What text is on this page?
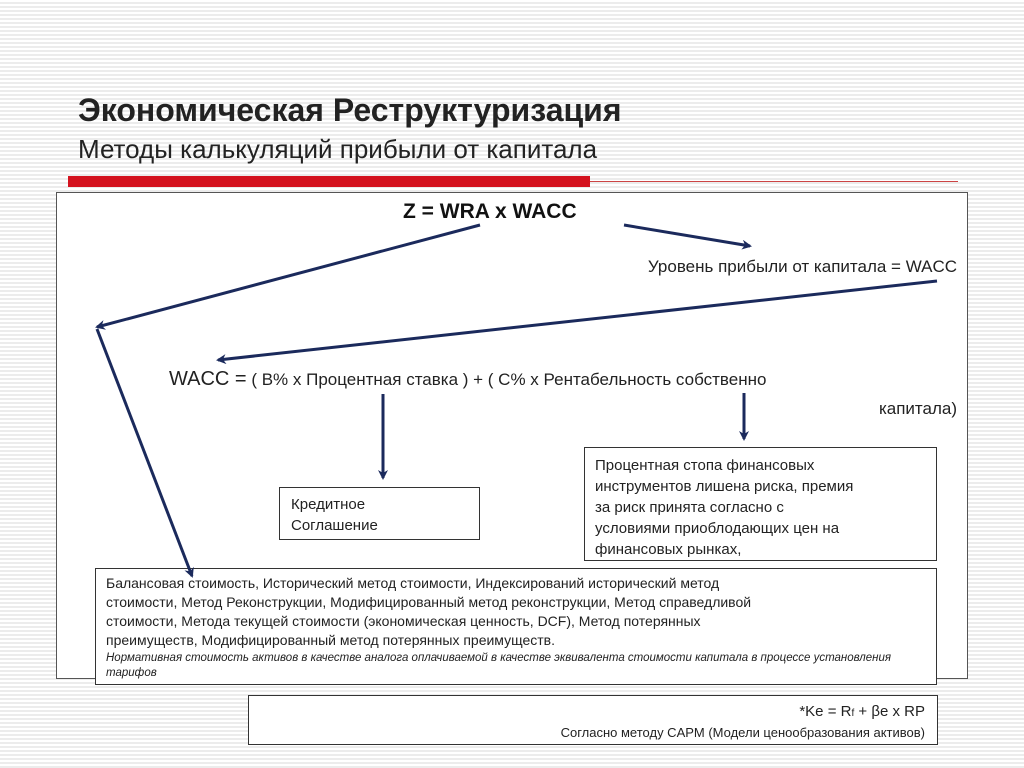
Экономическая Реструктуризация
Методы калькуляций прибыли от капитала
Z = WRA x WACC
Уровень прибыли от капитала = WACC
WACC = ( B% x Процентная ставка ) + ( C% x Рентабельность собственно
капитала)
Кредитное
Соглашение
Процентная стопа финансовых
инструментов лишена риска, премия
за риск принята согласно с
условиями приоблодающих цен на
финансовых рынках,
Балансовая стоимость, Исторический метод стоимости, Индексирований исторический метод
стоимости, Метод Реконструкции, Модифицированный метод реконструкции, Метод справедливой
стоимости, Метода текущей стоимости (экономическая ценность, DCF), Метод потерянных
преимуществ, Модифицированный метод потерянных преимуществ.
Нормативная стоимость активов в качестве аналога оплачиваемой в качестве эквивалента стоимости капитала в процессе установления тарифов
*Ke = Rf + βe x RP
Согласно методу CAPM (Модели ценообразования активов)
